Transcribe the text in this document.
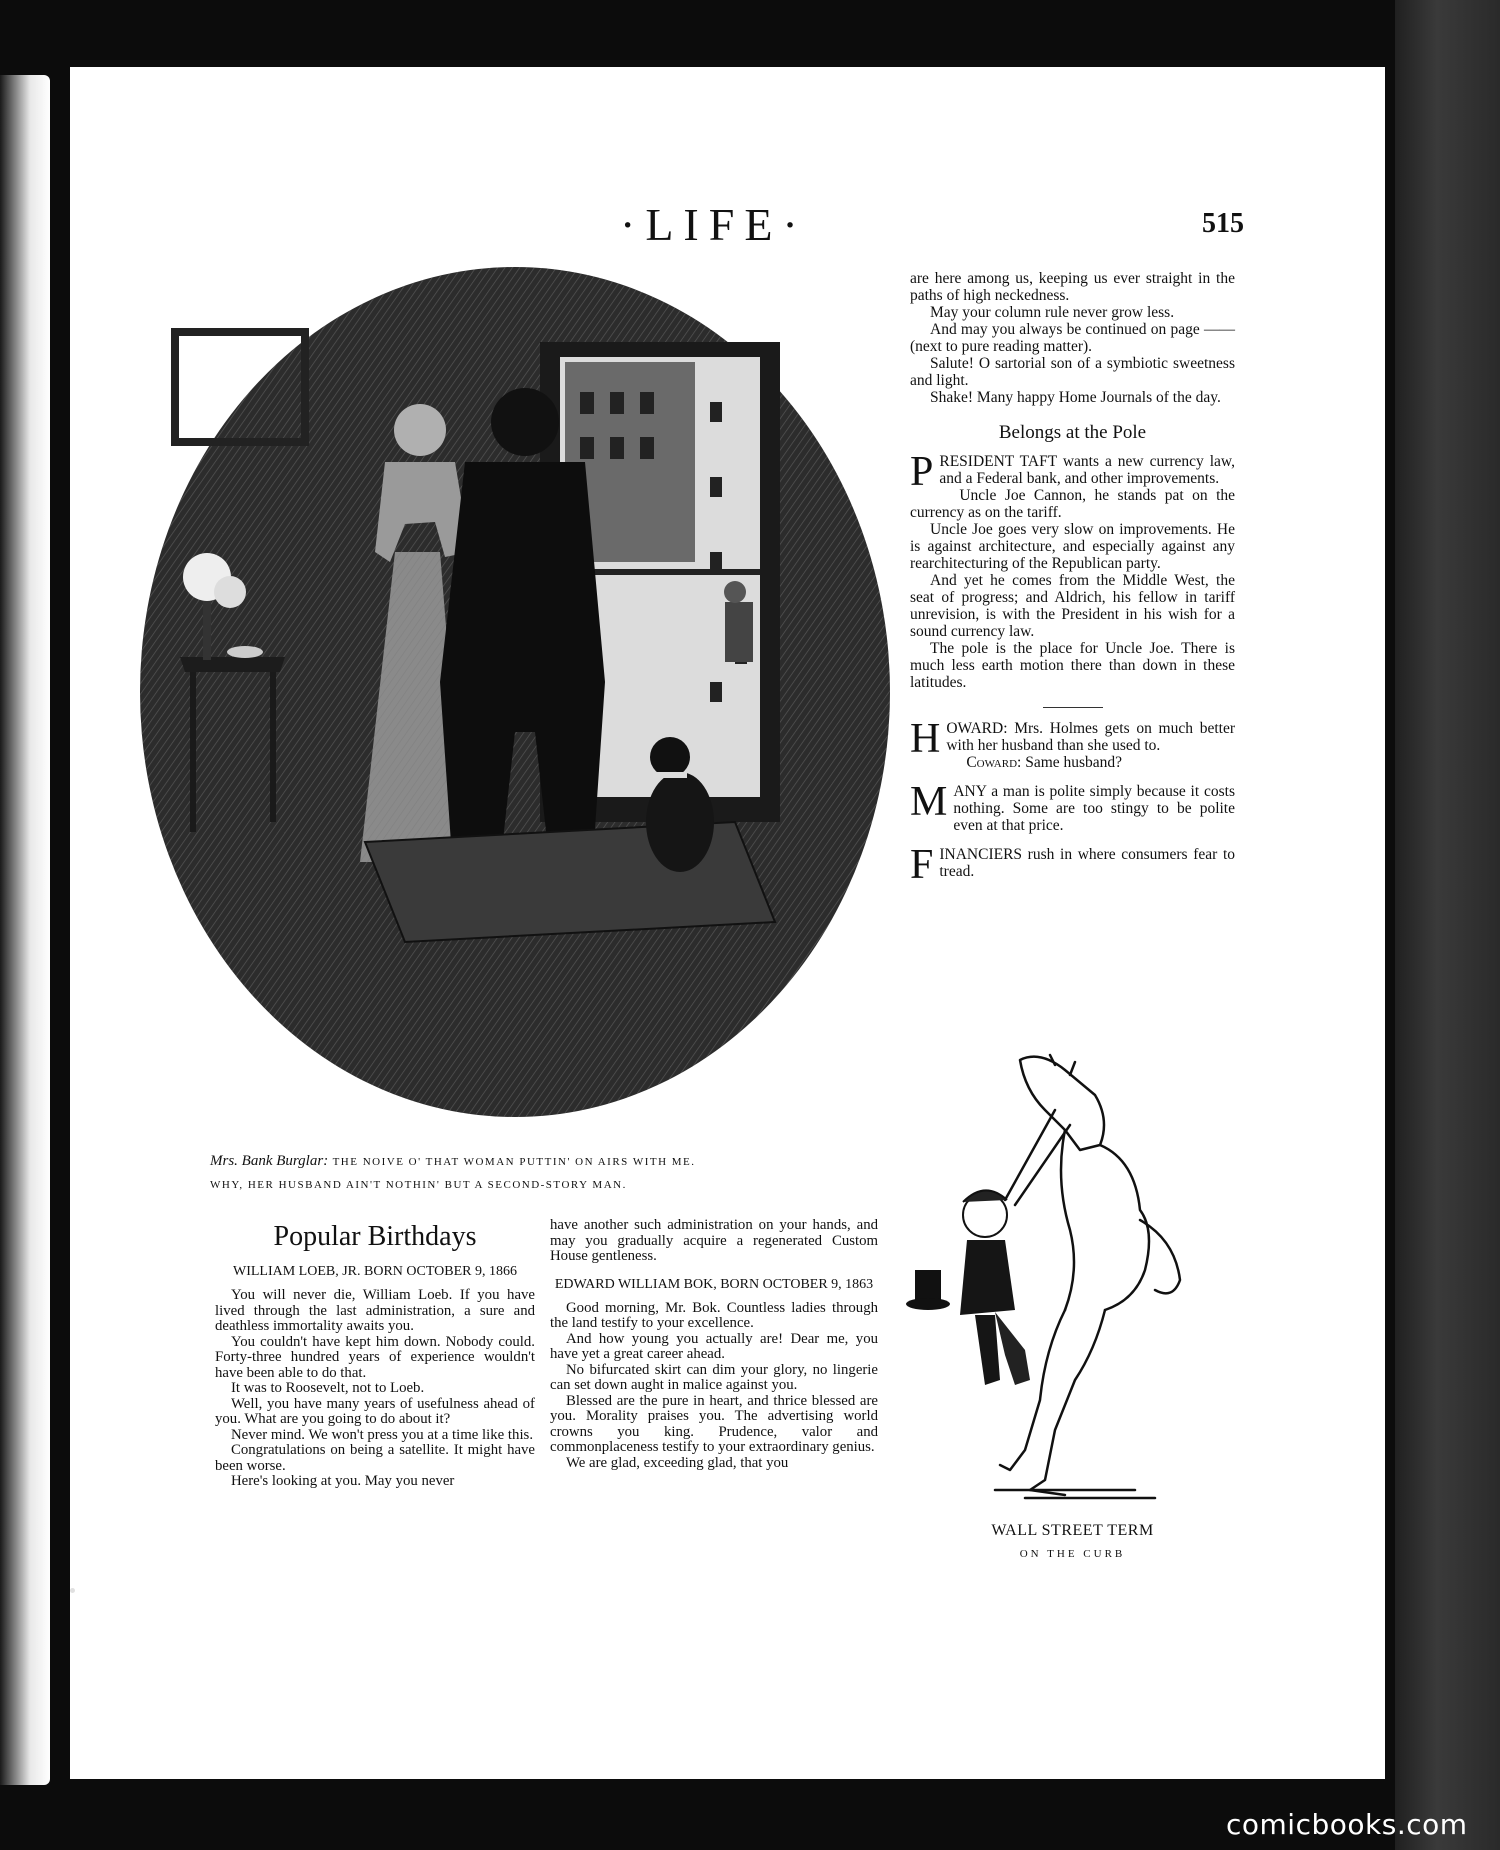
·LIFE·	515
Mrs. Bank Burglar: THE NOIVE O' THAT WOMAN PUTTIN' ON AIRS WITH ME.
WHY, HER HUSBAND AIN'T NOTHIN' BUT A SECOND-STORY MAN.

are here among us, keeping us ever straight in the paths of high neckedness.

May your column rule never grow less.

And may you always be continued on page —— (next to pure reading matter).

Salute! O sartorial son of a symbiotic sweetness and light.

Shake! Many happy Home Journals of the day.

Belongs at the Pole

PRESIDENT TAFT wants a new currency law, and a Federal bank, and other improvements.

Uncle Joe Cannon, he stands pat on the currency as on the tariff.

Uncle Joe goes very slow on improvements. He is against architecture, and especially against any rearchitecturing of the Republican party.

And yet he comes from the Middle West, the seat of progress; and Aldrich, his fellow in tariff unrevision, is with the President in his wish for a sound currency law.

The pole is the place for Uncle Joe. There is much less earth motion there than down in these latitudes.

HOWARD: Mrs. Holmes gets on much better with her husband than she used to.

Coward: Same husband?

MANY a man is polite simply because it costs nothing. Some are too stingy to be polite even at that price.

FINANCIERS rush in where consumers fear to tread.

Popular Birthdays
WILLIAM LOEB, JR. BORN OCTOBER 9, 1866

You will never die, William Loeb. If you have lived through the last administration, a sure and deathless immortality awaits you.

You couldn't have kept him down. Nobody could. Forty-three hundred years of experience wouldn't have been able to do that.

It was to Roosevelt, not to Loeb.

Well, you have many years of usefulness ahead of you. What are you going to do about it?

Never mind. We won't press you at a time like this.

Congratulations on being a satellite. It might have been worse.

Here's looking at you. May you never

have another such administration on your hands, and may you gradually acquire a regenerated Custom House gentleness.

EDWARD WILLIAM BOK, BORN OCTOBER 9, 1863

Good morning, Mr. Bok. Countless ladies through the land testify to your excellence.

And how young you actually are! Dear me, you have yet a great career ahead.

No bifurcated skirt can dim your glory, no lingerie can set down aught in malice against you.

Blessed are the pure in heart, and thrice blessed are you. Morality praises you. The advertising world crowns you king. Prudence, valor and commonplaceness testify to your extraordinary genius.

We are glad, exceeding glad, that you

WALL STREET TERM
ON THE CURB
comicbooks.com
